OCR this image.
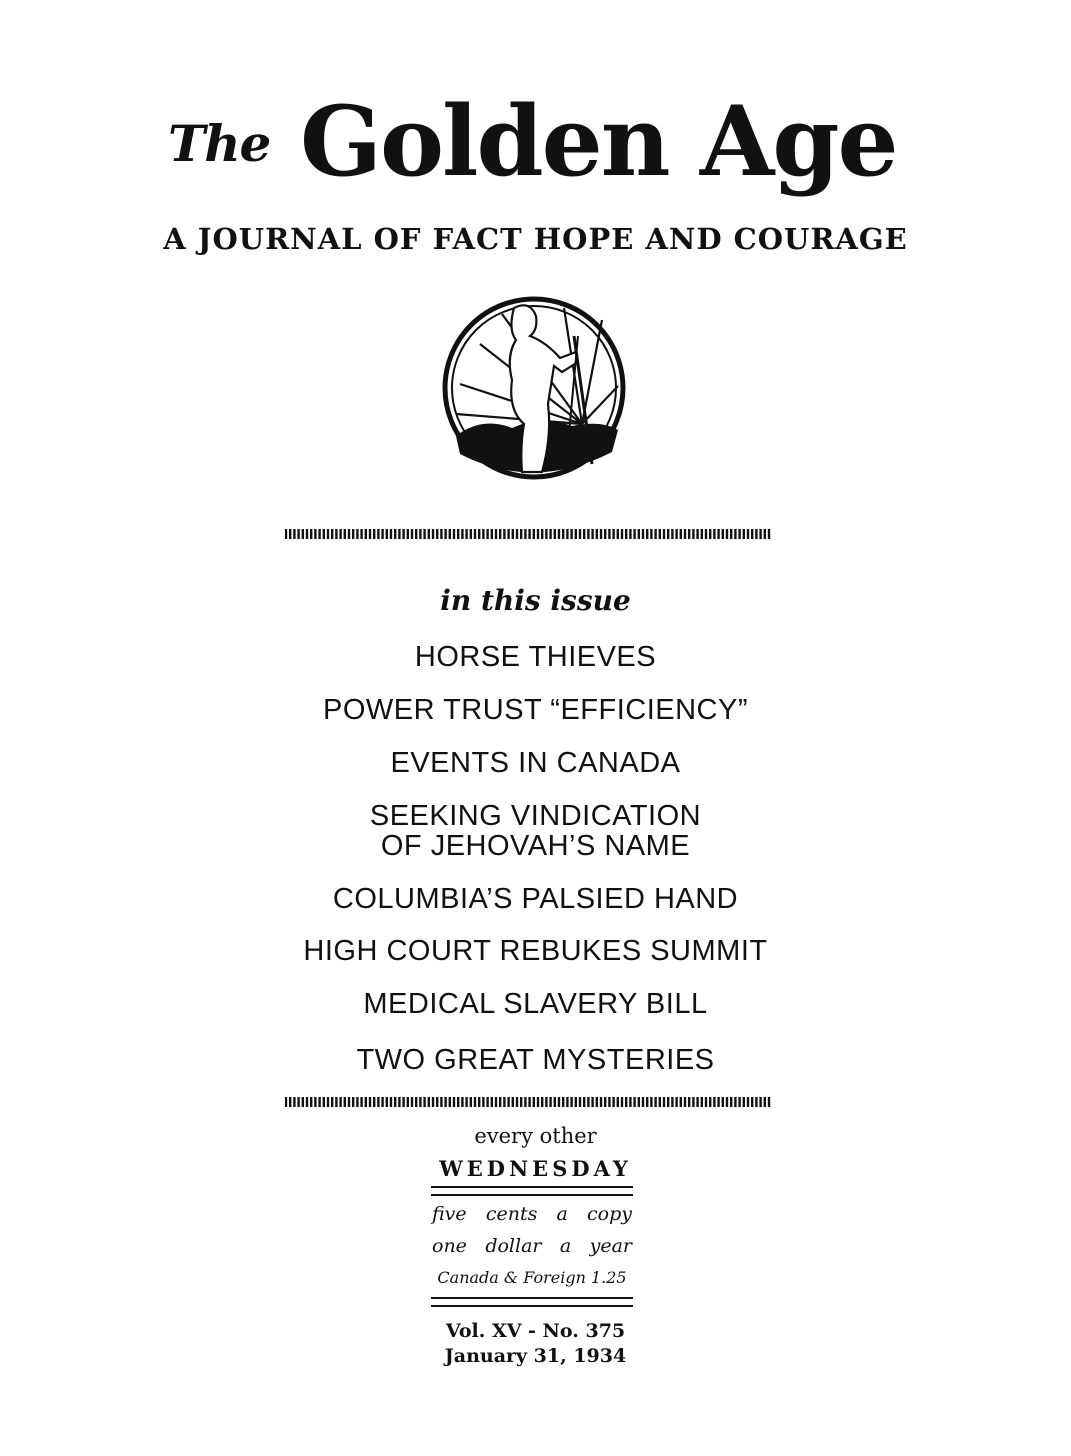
The Golden Age
A JOURNAL OF FACT HOPE AND COURAGE
in this issue
HORSE THIEVES
POWER TRUST “EFFICIENCY”
EVENTS IN CANADA
SEEKING VINDICATION
OF JEHOVAH’S NAME
COLUMBIA’S PALSIED HAND
HIGH COURT REBUKES SUMMIT
MEDICAL SLAVERY BILL
TWO GREAT MYSTERIES
every other
WEDNESDAY
five cents a copy
one dollar a year
Canada & Foreign 1.25
Vol. XV - No. 375
January 31, 1934
